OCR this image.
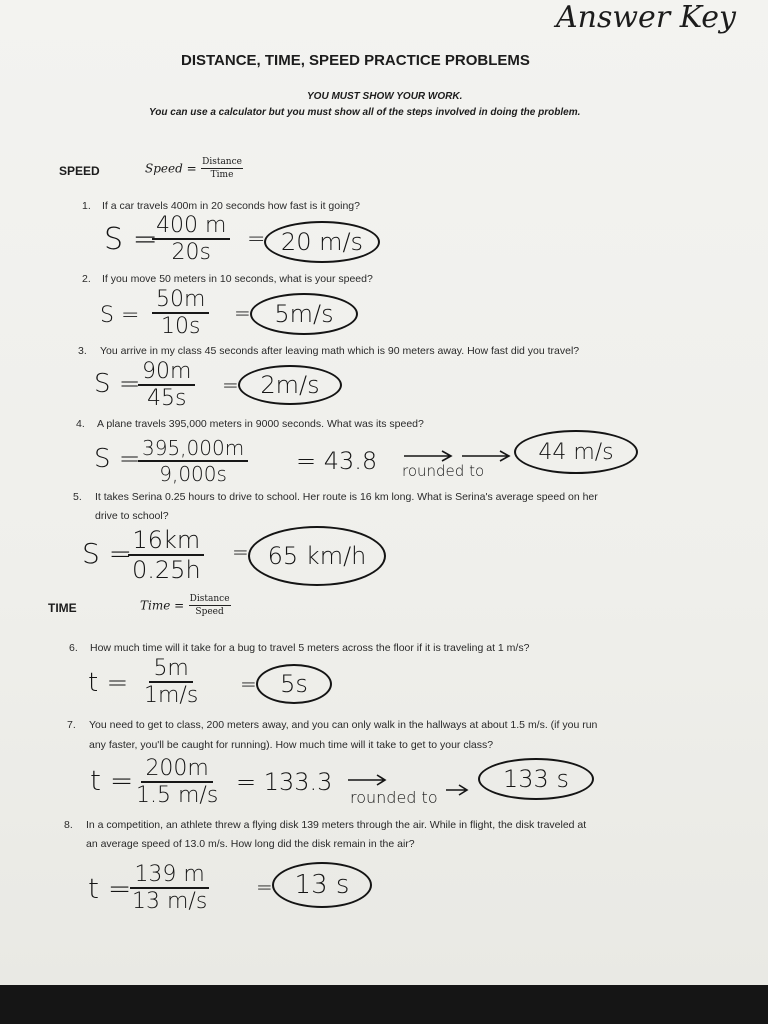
Answer Key
DISTANCE, TIME, SPEED PRACTICE PROBLEMS
YOU MUST SHOW YOUR WORK.
You can use a calculator but you must show all of the steps involved in doing the problem.
SPEED	Speed = $\frac{\text{Distance}}{\text{Time}}$
1. If a car travels 400m in 20 seconds how fast is it going?
S =
$\frac{400 m}{20s} = 20$ m/s
2. If you move 50 meters in 10 seconds, what is your speed?
$S = \frac{50m}{10s} = 5m/s$
3. You arrive in my class 45 seconds after leaving math which is 90 meters away. How fast did you travel?
S =
$\frac{90m}{45s} = 2m/s$
4. A plane travels 395,000 meters in 9000 seconds. What was its speed?
S =
$\frac{395,000m}{9,000s} = 43.8$ rounded to
44 m/s
5. It takes Serina 0.25 hours to drive to school. Her route is 16 km long. What is Serina's average speed on her
drive to school?
S =
$\frac{16km}{0.25h} = 65$ km/h
TIME	Time = $\frac{\text{Distance}}{\text{Speed}}$
6. How much time will it take for a bug to travel 5 meters across the floor if it is traveling at 1 m/s?
$t = \frac{5m}{1m/s} = 5s$
7. You need to get to class, 200 meters away, and you can only walk in the hallways at about 1.5 m/s. (if you run
any faster, you'll be caught for running). How much time will it take to get to your class?
t =
$\frac{200m}{1.5 m/s} = 133.3$
rounded to
133 s
8. In a competition, an athlete threw a flying disk 139 meters through the air. While in flight, the disk traveled at
an average speed of 13.0 m/s. How long did the disk remain in the air?
t =
$\frac{139 m}{13 m/s} = 13$ s
